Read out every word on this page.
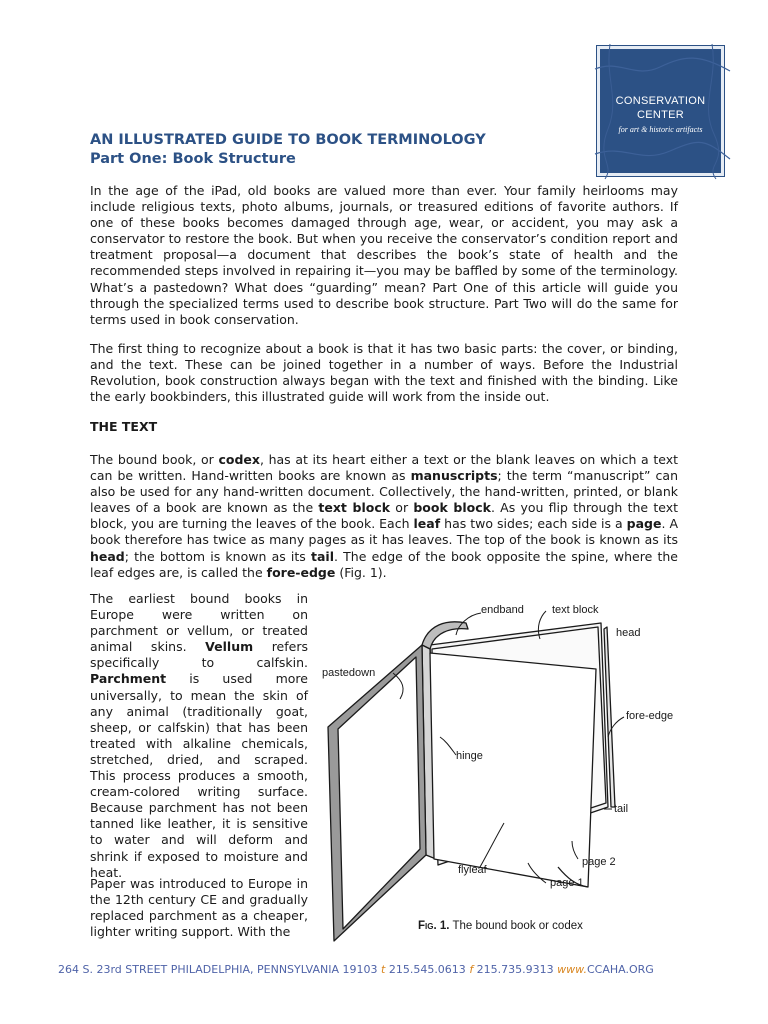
CONSERVATION
CENTER
for art & historic artifacts
AN ILLUSTRATED GUIDE TO BOOK TERMINOLOGY
Part One: Book Structure

In the age of the iPad, old books are valued more than ever. Your family heirlooms may include religious texts, photo albums, journals, or treasured editions of favorite authors. If one of these books becomes damaged through age, wear, or accident, you may ask a conservator to restore the book. But when you receive the conservator’s condition report and treatment proposal—a document that describes the book’s state of health and the recommended steps involved in repairing it—you may be baffled by some of the terminology. What’s a pastedown? What does “guarding” mean? Part One of this article will guide you through the specialized terms used to describe book structure. Part Two will do the same for terms used in book conservation.

The first thing to recognize about a book is that it has two basic parts: the cover, or binding, and the text. These can be joined together in a number of ways. Before the Industrial Revolution, book construction always began with the text and finished with the binding. Like the early bookbinders, this illustrated guide will work from the inside out.

THE TEXT

The bound book, or codex, has at its heart either a text or the blank leaves on which a text can be written. Hand-written books are known as manuscripts; the term “manuscript” can also be used for any hand-written document. Collectively, the hand-written, printed, or blank leaves of a book are known as the text block or book block. As you flip through the text block, you are turning the leaves of the book. Each leaf has two sides; each side is a page. A book therefore has twice as many pages as it has leaves. The top of the book is known as its head; the bottom is known as its tail. The edge of the book opposite the spine, where the leaf edges are, is called the fore-edge (Fig. 1).

The earliest bound books in Europe were written on parchment or vellum, or treated animal skins. Vellum refers specifically to calfskin. Parchment is used more universally, to mean the skin of any animal (traditionally goat, sheep, or calfskin) that has been treated with alkaline chemicals, stretched, dried, and scraped. This process produces a smooth, cream-colored writing surface. Because parchment has not been tanned like leather, it is sensitive to water and will deform and shrink if exposed to moisture and heat.

Paper was introduced to Europe in the 12th century CE and gradually replaced parchment as a cheaper, lighter writing support. With the

endband	text block
head
pastedown
fore-edge
hinge
tail
page 2
flyleaf
page 1
Fig. 1. The bound book or codex
264 S. 23rd STREET PHILADELPHIA, PENNSYLVANIA 19103 t 215.545.0613 f 215.735.9313 www.CCAHA.ORG
